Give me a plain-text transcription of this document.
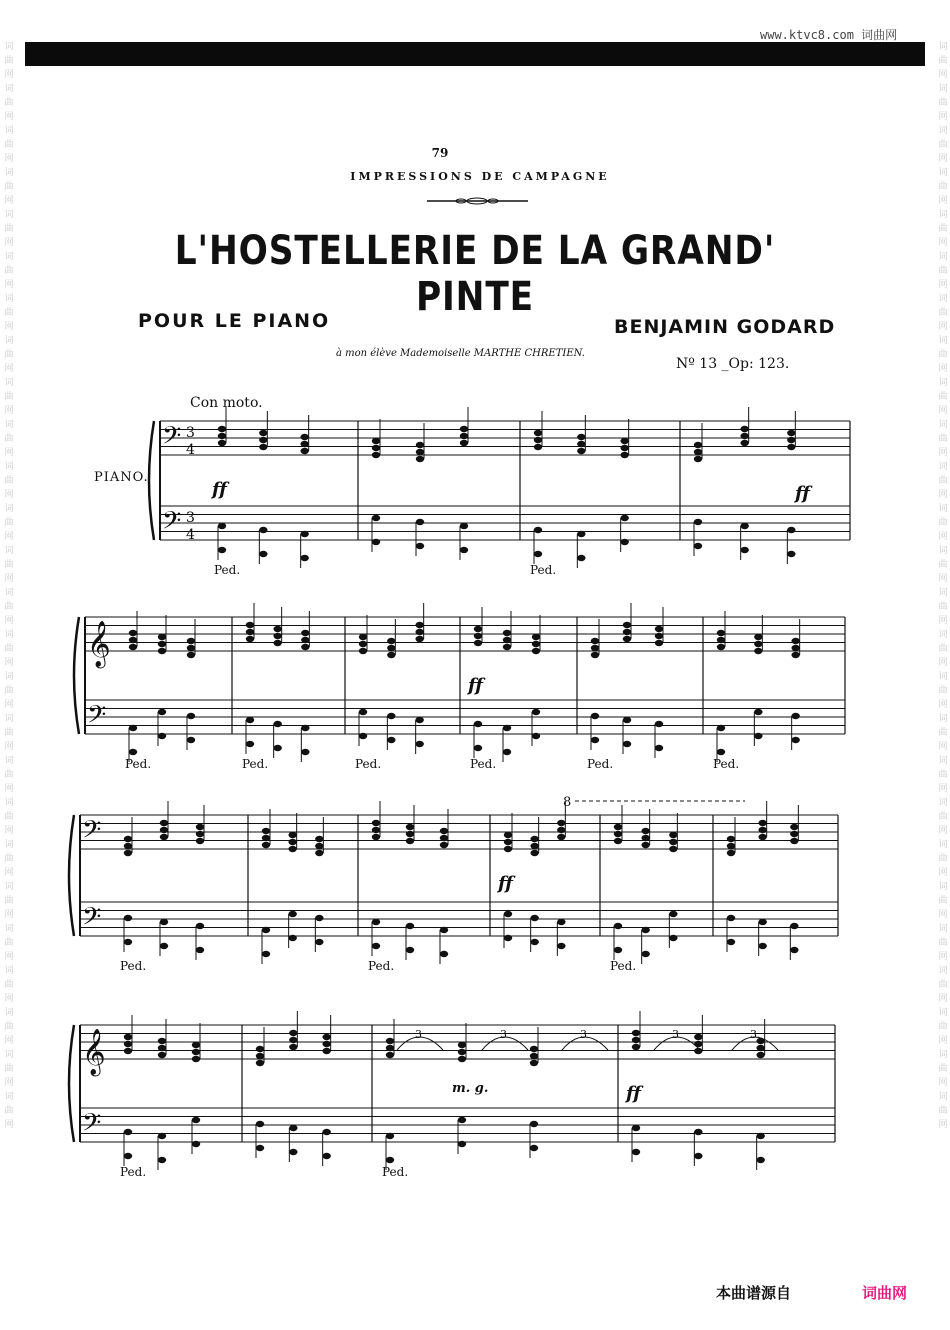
词曲网词曲网词曲网词曲网词曲网词曲网词曲网词曲网词曲网词曲网词曲网词曲网词曲网词曲网词曲网词曲网词曲网词曲网词曲网词曲网词曲网词曲网词曲网词曲网词曲网词曲网
词曲网词曲网词曲网词曲网词曲网词曲网词曲网词曲网词曲网词曲网词曲网词曲网词曲网词曲网词曲网词曲网词曲网词曲网词曲网词曲网词曲网词曲网词曲网词曲网词曲网词曲网
www.ktvc8.com 词曲网
79
IMPRESSIONS DE CAMPAGNE
L'HOSTELLERIE DE LA GRAND' PINTE
POUR LE PIANO	BENJAMIN GODARD
à mon élève Mademoiselle MARTHE CHRETIEN.
Nº 13 _Op: 123.
Con moto.
PIANO.
𝄢 3
4
𝄢 3
4
Ped.	Ped.
ff	ff
𝄞
𝄢
Ped.	Ped.	Ped.	Ped.	Ped.	Ped.
ff
𝄢
𝄢
Ped.	Ped.	Ped.
ff
𝄞
𝄢
Ped.	Ped.
ff
8
m. g.
3	3	3	3	3
本曲谱源自	词曲网
